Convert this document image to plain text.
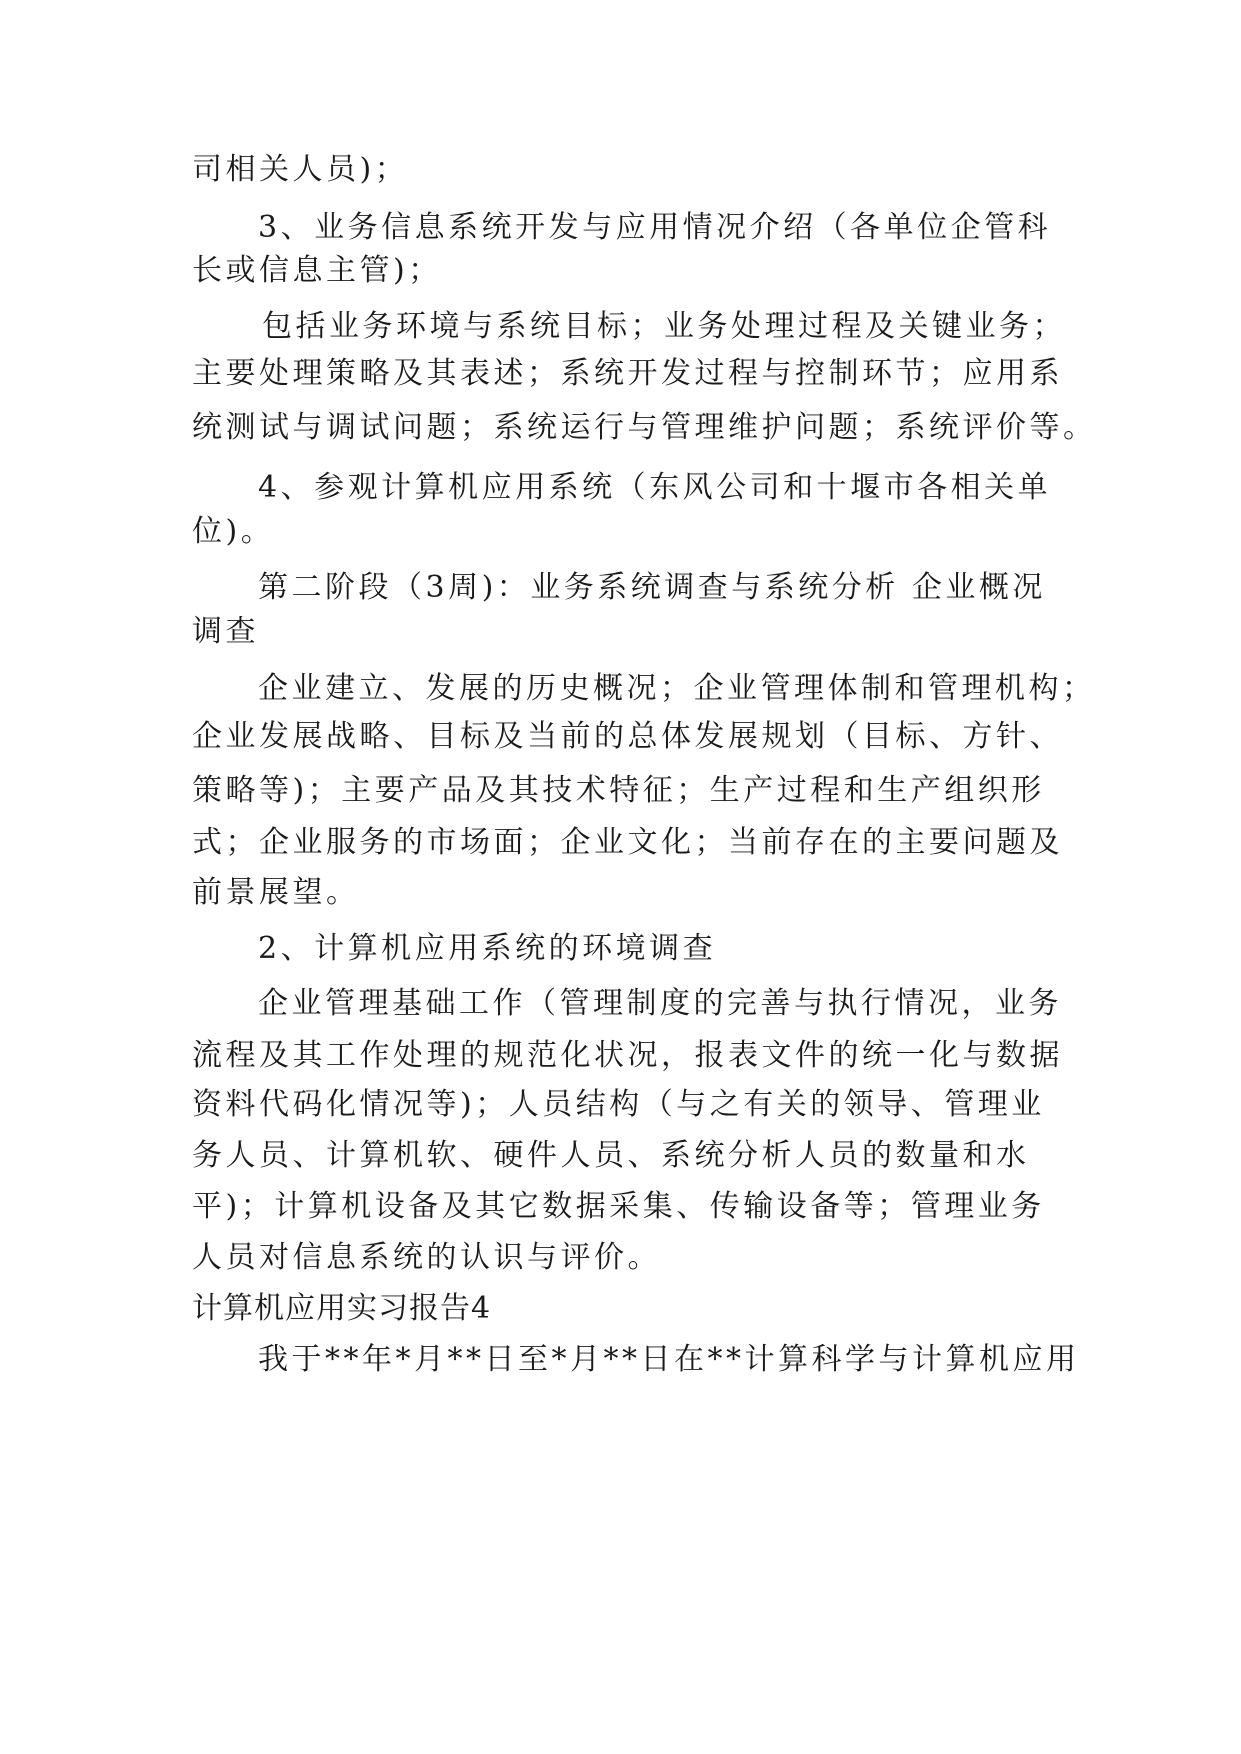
司相关人员)；
3、业务信息系统开发与应用情况介绍（各单位企管科
长或信息主管)；
包括业务环境与系统目标；业务处理过程及关键业务；
主要处理策略及其表述；系统开发过程与控制环节；应用系
统测试与调试问题；系统运行与管理维护问题；系统评价等。
4、参观计算机应用系统（东风公司和十堰市各相关单
位)。
第二阶段（3周)：业务系统调查与系统分析 企业概况
调查
企业建立、发展的历史概况；企业管理体制和管理机构；
企业发展战略、目标及当前的总体发展规划（目标、方针、
策略等)；主要产品及其技术特征；生产过程和生产组织形
式；企业服务的市场面；企业文化；当前存在的主要问题及
前景展望。
2、计算机应用系统的环境调查
企业管理基础工作（管理制度的完善与执行情况，业务
流程及其工作处理的规范化状况，报表文件的统一化与数据
资料代码化情况等)；人员结构（与之有关的领导、管理业
务人员、计算机软、硬件人员、系统分析人员的数量和水
平)；计算机设备及其它数据采集、传输设备等；管理业务
人员对信息系统的认识与评价。
计算机应用实习报告4
我于**年*月**日至*月**日在**计算科学与计算机应用
